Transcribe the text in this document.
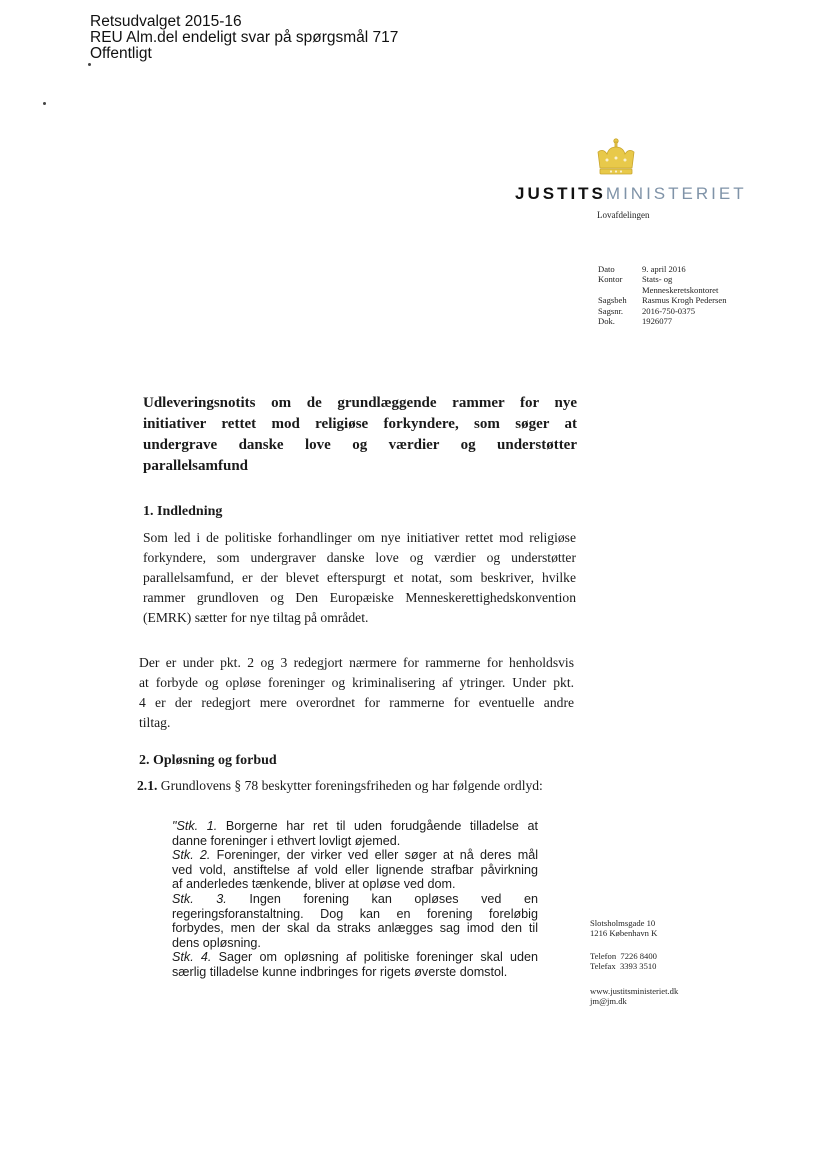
Retsudvalget 2015-16
REU Alm.del endeligt svar på spørgsmål 717
Offentligt
JUSTITSMINISTERIET
Lovafdelingen
Dato	9. april 2016
Kontor	Stats- og
Menneskeretskontoret
Sagsbeh	Rasmus Krogh Pedersen
Sagsnr.	2016-750-0375
Dok.	1926077
Udleveringsnotits om de grundlæggende rammer for nye
initiativer rettet mod religiøse forkyndere, som søger at
undergrave danske love og værdier og understøtter
parallelsamfund
1. Indledning
Som led i de politiske forhandlinger om nye initiativer rettet mod religiøse
forkyndere, som undergraver danske love og værdier og understøtter
parallelsamfund, er der blevet efterspurgt et notat, som beskriver, hvilke
rammer grundloven og Den Europæiske Menneskerettighedskonvention
(EMRK) sætter for nye tiltag på området.
Der er under pkt. 2 og 3 redegjort nærmere for rammerne for henholdsvis
at forbyde og opløse foreninger og kriminalisering af ytringer. Under pkt.
4 er der redegjort mere overordnet for rammerne for eventuelle andre
tiltag.
2. Opløsning og forbud
2.1. Grundlovens § 78 beskytter foreningsfriheden og har følgende ordlyd:
"Stk. 1. Borgerne har ret til uden forudgående tilladelse at
danne foreninger i ethvert lovligt øjemed.
Stk. 2. Foreninger, der virker ved eller søger at nå deres mål
ved vold, anstiftelse af vold eller lignende strafbar påvirkning
af anderledes tænkende, bliver at opløse ved dom.
Stk. 3. Ingen forening kan opløses ved en
regeringsforanstaltning. Dog kan en forening foreløbig
forbydes, men der skal da straks anlægges sag imod den til
dens opløsning.
Stk. 4. Sager om opløsning af politiske foreninger skal uden
særlig tilladelse kunne indbringes for rigets øverste domstol.
Slotsholmsgade 10
1216 København K
Telefon 7226 8400
Telefax 3393 3510
www.justitsministeriet.dk
jm@jm.dk
